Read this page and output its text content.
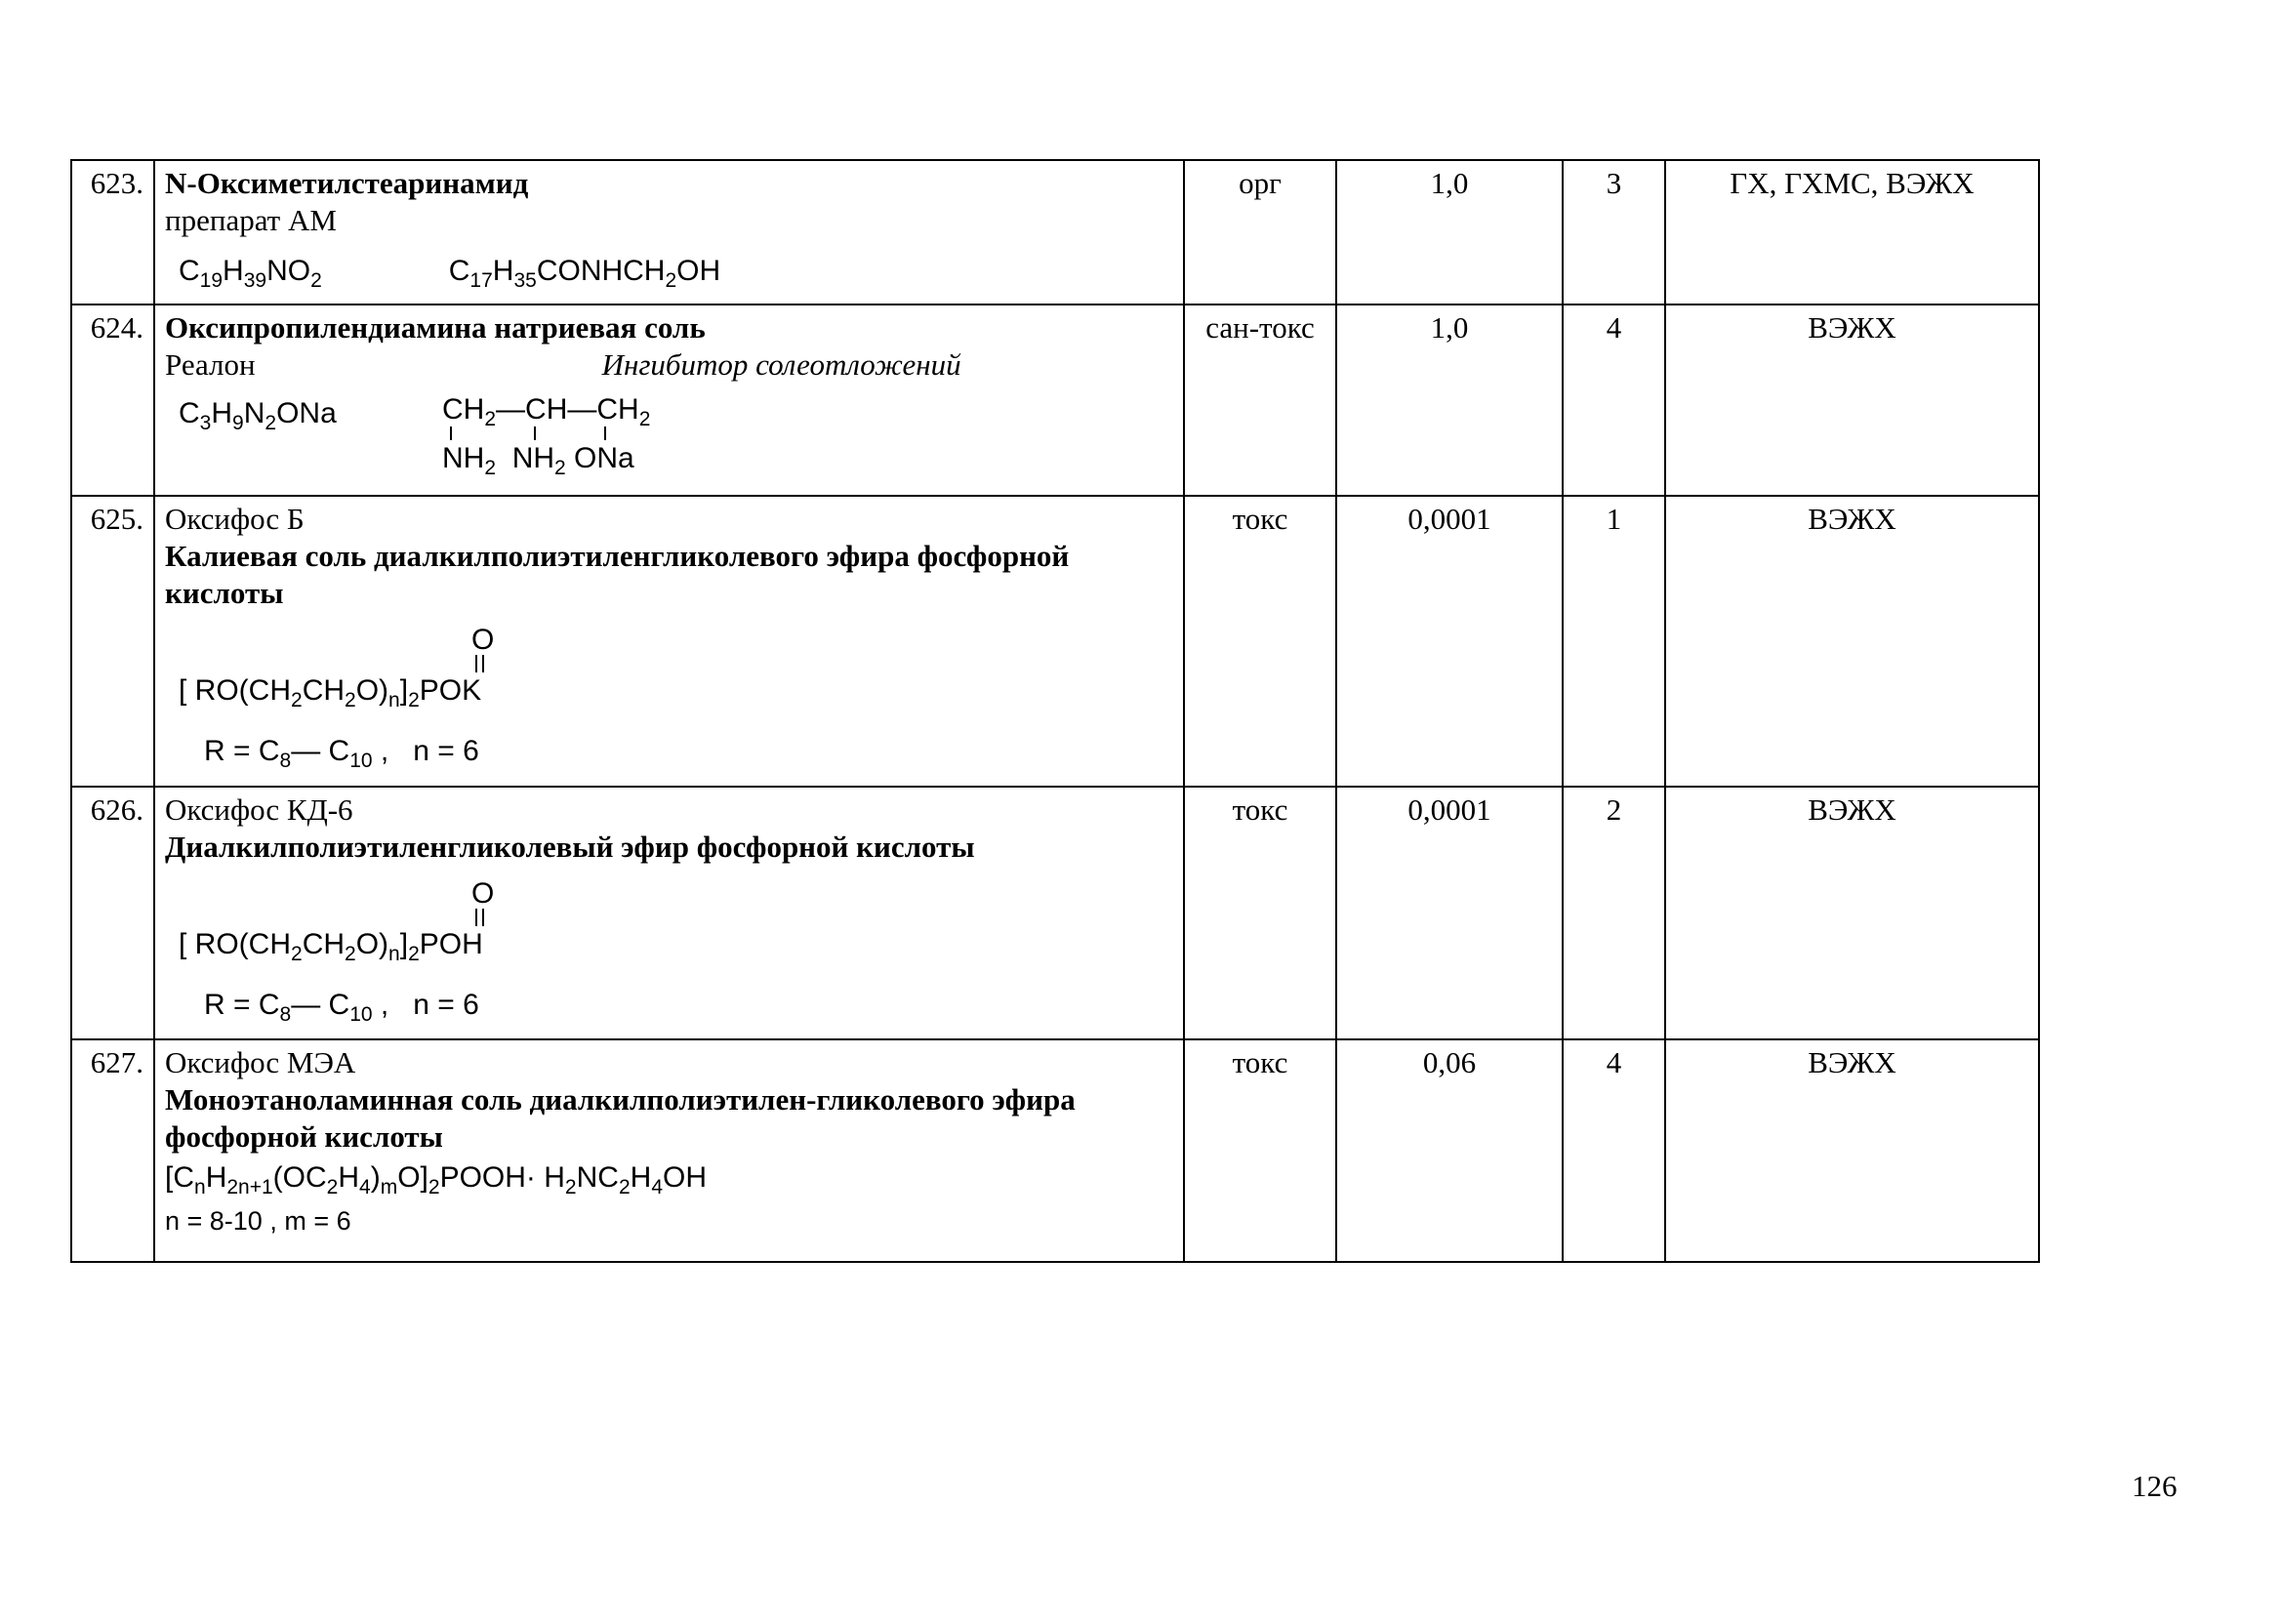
623.	N-Оксиметилстеаринамид
препарат АМ
$C_{19}H_{39}NO_2$ $C_{17}H_{35}CONHCH_2OH$	орг	1,0	3	ГХ, ГХМС, ВЭЖХ

624.	Оксипропилендиамина натриевая соль
Реалон Ингибитор солеотложений
$C_3H_9N_2ONa$ $CH_2—CH—CH_2$
$NH_2$  $NH_2$ ONa	сан-токс	1,0	4	ВЭЖХ

625.	Оксифос Б
Калиевая соль диалкилполиэтиленгликолевого эфира фосфорной кислоты
O
[ $RO(CH_2CH_2O)_n]_2POK$
$R = C_8—$ $C_{10}$ ,   n = 6	токс	0,0001	1	ВЭЖХ

626.	Оксифос КД-6
Диалкилполиэтиленгликолевый эфир фосфорной кислоты
O
[ $RO(CH_2CH_2O)_n]_2POH$
$R = C_8—$ $C_{10}$ ,   n = 6	токс	0,0001	2	ВЭЖХ

627.	Оксифос МЭА
Моноэтаноламинная соль диалкилполиэтилен-гликолевого эфира фосфорной кислоты
$[C_nH_{2n+1}(OC_2H_4)_mO]_2POOH\cdot H_2NC_2H_4OH$
n = 8-10 , m = 6	токс	0,06	4	ВЭЖХ
126
